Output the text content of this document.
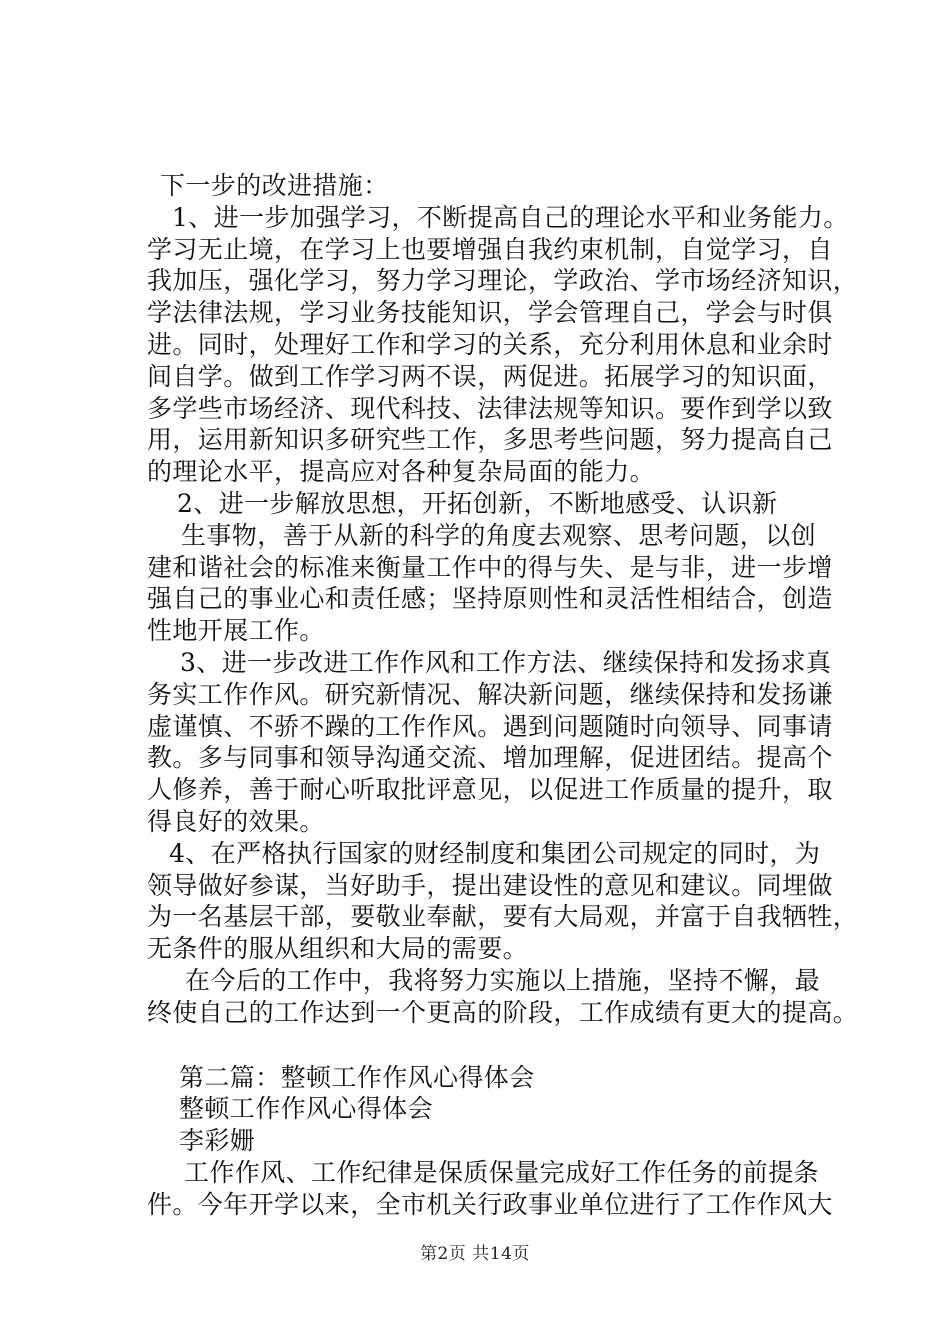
下一步的改进措施：
1、进一步加强学习，不断提高自己的理论水平和业务能力。
学习无止境，在学习上也要增强自我约束机制，自觉学习，自
我加压，强化学习，努力学习理论，学政治、学市场经济知识，
学法律法规，学习业务技能知识，学会管理自己，学会与时俱
进。同时，处理好工作和学习的关系，充分利用休息和业余时
间自学。做到工作学习两不误，两促进。拓展学习的知识面，
多学些市场经济、现代科技、法律法规等知识。要作到学以致
用，运用新知识多研究些工作，多思考些问题，努力提高自己
的理论水平，提高应对各种复杂局面的能力。
2、进一步解放思想，开拓创新，不断地感受、认识新
生事物，善于从新的科学的角度去观察、思考问题，以创
建和谐社会的标准来衡量工作中的得与失、是与非，进一步增
强自己的事业心和责任感；坚持原则性和灵活性相结合，创造
性地开展工作。
3、进一步改进工作作风和工作方法、继续保持和发扬求真
务实工作作风。研究新情况、解决新问题，继续保持和发扬谦
虚谨慎、不骄不躁的工作作风。遇到问题随时向领导、同事请
教。多与同事和领导沟通交流、增加理解，促进团结。提高个
人修养，善于耐心听取批评意见，以促进工作质量的提升，取
得良好的效果。
4、在严格执行国家的财经制度和集团公司规定的同时，为
领导做好参谋，当好助手，提出建设性的意见和建议。同埋做
为一名基层干部，要敬业奉献，要有大局观，并富于自我牺牲，
无条件的服从组织和大局的需要。
在今后的工作中，我将努力实施以上措施，坚持不懈，最
终使自己的工作达到一个更高的阶段，工作成绩有更大的提高。
第二篇：整顿工作作风心得体会
整顿工作作风心得体会
李彩姗
工作作风、工作纪律是保质保量完成好工作任务的前提条
件。今年开学以来，全市机关行政事业单位进行了工作作风大
第2页 共14页
